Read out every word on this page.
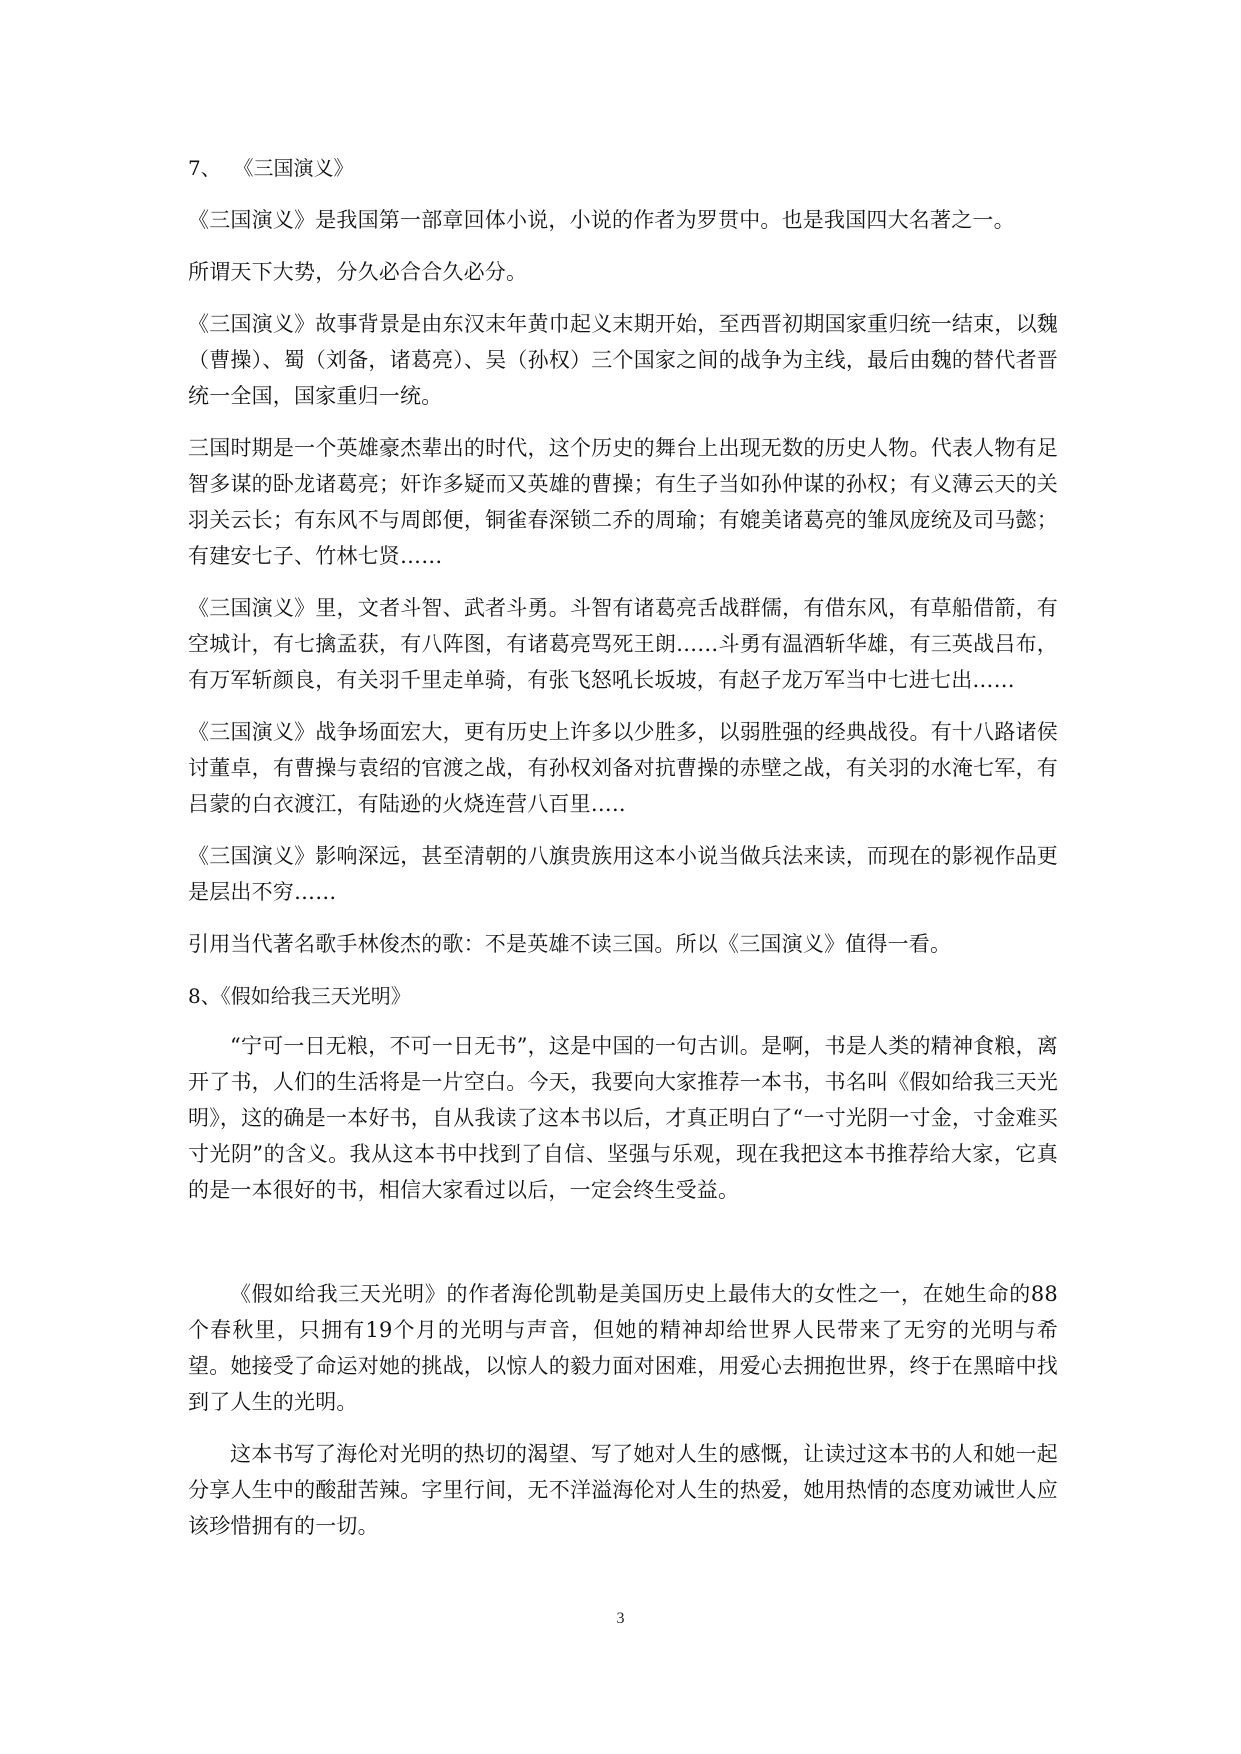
7、  《三国演义》

《三国演义》是我国第一部章回体小说，小说的作者为罗贯中。也是我国四大名著之一。

所谓天下大势，分久必合合久必分。

《三国演义》故事背景是由东汉末年黄巾起义末期开始，至西晋初期国家重归统一结束，以魏（曹操）、蜀（刘备，诸葛亮）、吴（孙权）三个国家之间的战争为主线，最后由魏的替代者晋统一全国，国家重归一统。

三国时期是一个英雄豪杰辈出的时代，这个历史的舞台上出现无数的历史人物。代表人物有足智多谋的卧龙诸葛亮；奸诈多疑而又英雄的曹操；有生子当如孙仲谋的孙权；有义薄云天的关羽关云长；有东风不与周郎便，铜雀春深锁二乔的周瑜；有媲美诸葛亮的雏凤庞统及司马懿；有建安七子、竹林七贤……

《三国演义》里，文者斗智、武者斗勇。斗智有诸葛亮舌战群儒，有借东风，有草船借箭，有空城计，有七擒孟获，有八阵图，有诸葛亮骂死王朗……斗勇有温酒斩华雄，有三英战吕布，有万军斩颜良，有关羽千里走单骑，有张飞怒吼长坂坡，有赵子龙万军当中七进七出……

《三国演义》战争场面宏大，更有历史上许多以少胜多，以弱胜强的经典战役。有十八路诸侯讨董卓，有曹操与袁绍的官渡之战，有孙权刘备对抗曹操的赤壁之战，有关羽的水淹七军，有吕蒙的白衣渡江，有陆逊的火烧连营八百里…..

《三国演义》影响深远，甚至清朝的八旗贵族用这本小说当做兵法来读，而现在的影视作品更是层出不穷……

引用当代著名歌手林俊杰的歌：不是英雄不读三国。所以《三国演义》值得一看。

8、《假如给我三天光明》

“宁可一日无粮，不可一日无书”，这是中国的一句古训。是啊，书是人类的精神食粮，离开了书，人们的生活将是一片空白。今天，我要向大家推荐一本书，书名叫《假如给我三天光明》，这的确是一本好书，自从我读了这本书以后，才真正明白了“一寸光阴一寸金，寸金难买寸光阴”的含义。我从这本书中找到了自信、坚强与乐观，现在我把这本书推荐给大家，它真的是一本很好的书，相信大家看过以后，一定会终生受益。

《假如给我三天光明》的作者海伦凯勒是美国历史上最伟大的女性之一，在她生命的88个春秋里，只拥有19个月的光明与声音，但她的精神却给世界人民带来了无穷的光明与希望。她接受了命运对她的挑战，以惊人的毅力面对困难，用爱心去拥抱世界，终于在黑暗中找到了人生的光明。

这本书写了海伦对光明的热切的渴望、写了她对人生的感慨，让读过这本书的人和她一起分享人生中的酸甜苦辣。字里行间，无不洋溢海伦对人生的热爱，她用热情的态度劝诫世人应该珍惜拥有的一切。

3
